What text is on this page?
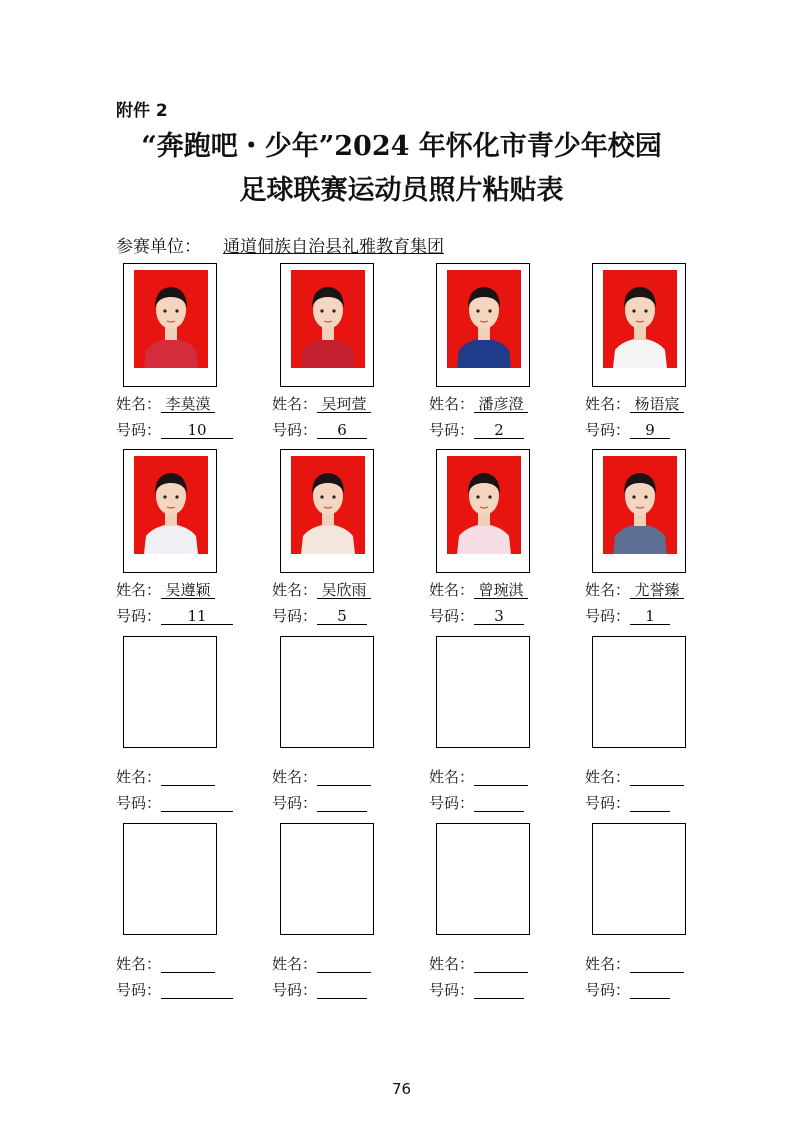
附件 2
“奔跑吧・少年”2024 年怀化市青少年校园
足球联赛运动员照片粘贴表
参赛单位： 通道侗族自治县礼雅教育集团
姓名： 李莫漠
号码： 10
姓名： 吴珂萱
号码： 6
姓名： 潘彦澄
号码： 2
姓名： 杨语宸
号码： 9
姓名： 吴遵颖
号码： 11
姓名： 吴欣雨
号码： 5
姓名： 曾琬淇
号码： 3
姓名： 尤誉臻
号码： 1
姓名：
号码：
姓名：
号码：
姓名：
号码：
姓名：
号码：
姓名：
号码：
姓名：
号码：
姓名：
号码：
姓名：
号码：
76
